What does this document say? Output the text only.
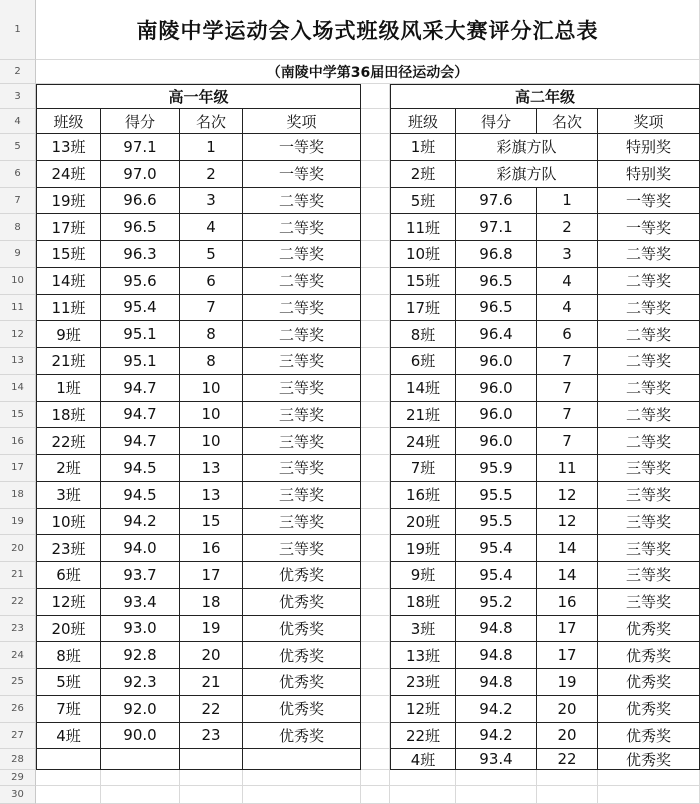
1
2
3
4
5
6
7
8
9
10
11
12
13
14
15
16
17
18
19
20
21
22
23
24
25
26
27
28
29
30
南陵中学运动会入场式班级风采大赛评分汇总表
（南陵中学第36届田径运动会）
高一年级	高二年级
班级	得分	名次	奖项	班级	得分	名次	奖项
13班	97.1	1	一等奖
24班	97.0	2	一等奖
19班	96.6	3	二等奖
17班	96.5	4	二等奖
15班	96.3	5	二等奖
14班	95.6	6	二等奖
11班	95.4	7	二等奖
9班	95.1	8	二等奖
21班	95.1	8	三等奖
1班	94.7	10	三等奖
18班	94.7	10	三等奖
22班	94.7	10	三等奖
2班	94.5	13	三等奖
3班	94.5	13	三等奖
10班	94.2	15	三等奖
23班	94.0	16	三等奖
6班	93.7	17	优秀奖
12班	93.4	18	优秀奖
20班	93.0	19	优秀奖
8班	92.8	20	优秀奖
5班	92.3	21	优秀奖
7班	92.0	22	优秀奖
4班	90.0	23	优秀奖
1班	彩旗方队	特别奖
2班	彩旗方队	特别奖
5班	97.6	1	一等奖
11班	97.1	2	一等奖
10班	96.8	3	二等奖
15班	96.5	4	二等奖
17班	96.5	4	二等奖
8班	96.4	6	二等奖
6班	96.0	7	二等奖
14班	96.0	7	二等奖
21班	96.0	7	二等奖
24班	96.0	7	二等奖
7班	95.9	11	三等奖
16班	95.5	12	三等奖
20班	95.5	12	三等奖
19班	95.4	14	三等奖
9班	95.4	14	三等奖
18班	95.2	16	三等奖
3班	94.8	17	优秀奖
13班	94.8	17	优秀奖
23班	94.8	19	优秀奖
12班	94.2	20	优秀奖
22班	94.2	20	优秀奖
4班	93.4	22	优秀奖
